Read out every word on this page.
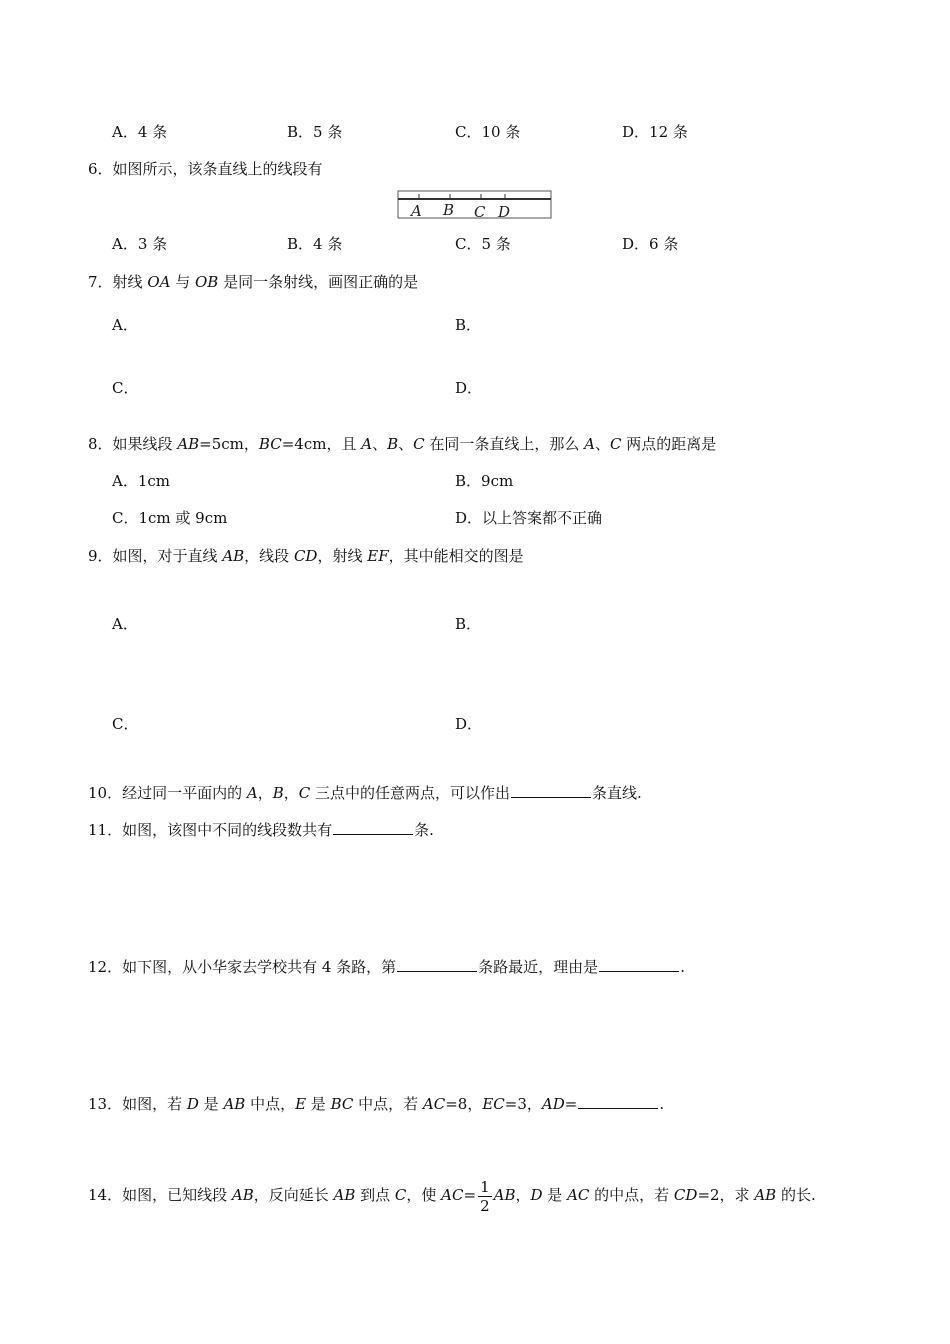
A．4 条	B．5 条	C．10 条	D．12 条
6．如图所示，该条直线上的线段有
A B C D
A．3 条	B．4 条	C．5 条	D．6 条
7．射线 OA 与 OB 是同一条射线，画图正确的是
A．	B．
C．	D．
8．如果线段 AB=5cm，BC=4cm，且 A、B、C 在同一条直线上，那么 A、C 两点的距离是
A．1cm	B．9cm
C．1cm 或 9cm	D．以上答案都不正确
9．如图，对于直线 AB，线段 CD，射线 EF，其中能相交的图是
A．	B．
C．	D．
10．经过同一平面内的 A，B，C 三点中的任意两点，可以作出	条直线.
11．如图，该图中不同的线段数共有	条.
12．如下图，从小华家去学校共有 4 条路，第	条路最近，理由是	.
13．如图，若 D 是 AB 中点，E 是 BC 中点，若 AC=8，EC=3，AD=	.
14．如图，已知线段 AB，反向延长 AB 到点 C，使 $AC= \frac{1}{2}$ AB，D 是 AC 的中点，若 CD=2，求 AB 的长.
